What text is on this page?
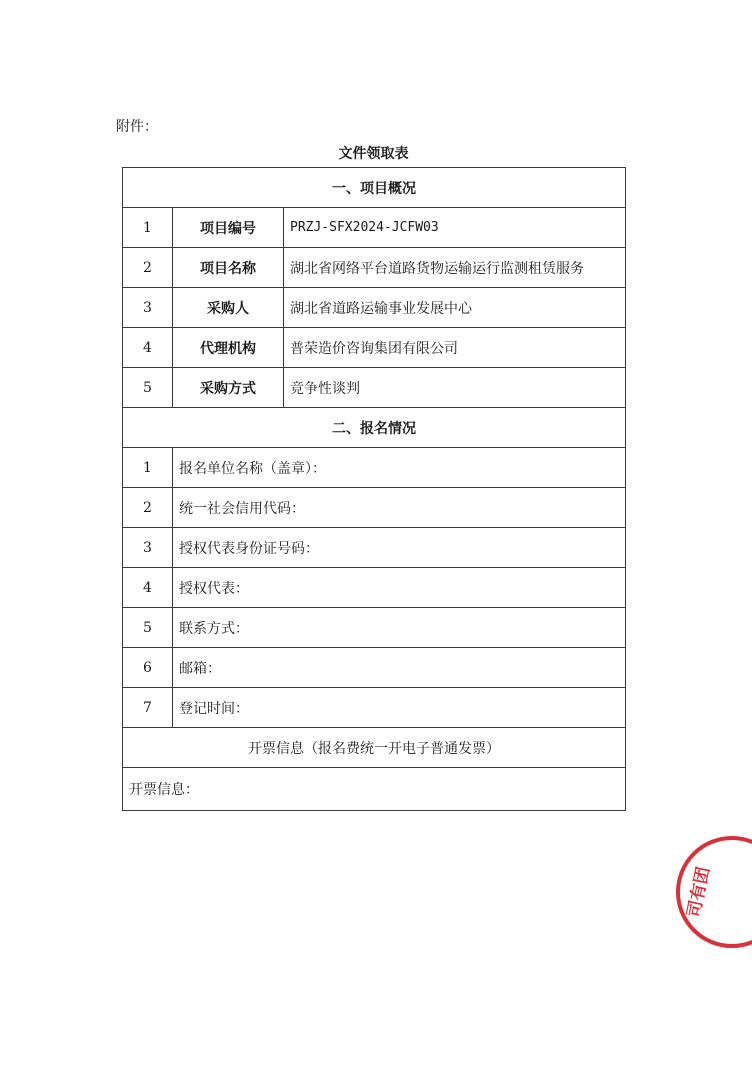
附件：
文件领取表
一、项目概况		
1	项目编号	PRZJ-SFX2024-JCFW03
2	项目名称	湖北省网络平台道路货物运输运行监测租赁服务
3	采购人	湖北省道路运输事业发展中心
4	代理机构	普荣造价咨询集团有限公司
5	采购方式	竞争性谈判
二、报名情况		
1	报名单位名称（盖章）：	
2	统一社会信用代码：	
3	授权代表身份证号码：	
4	授权代表：	
5	联系方式：	
6	邮箱：	
7	登记时间：	
开票信息（报名费统一开电子普通发票）		
开票信息：		
司有团
